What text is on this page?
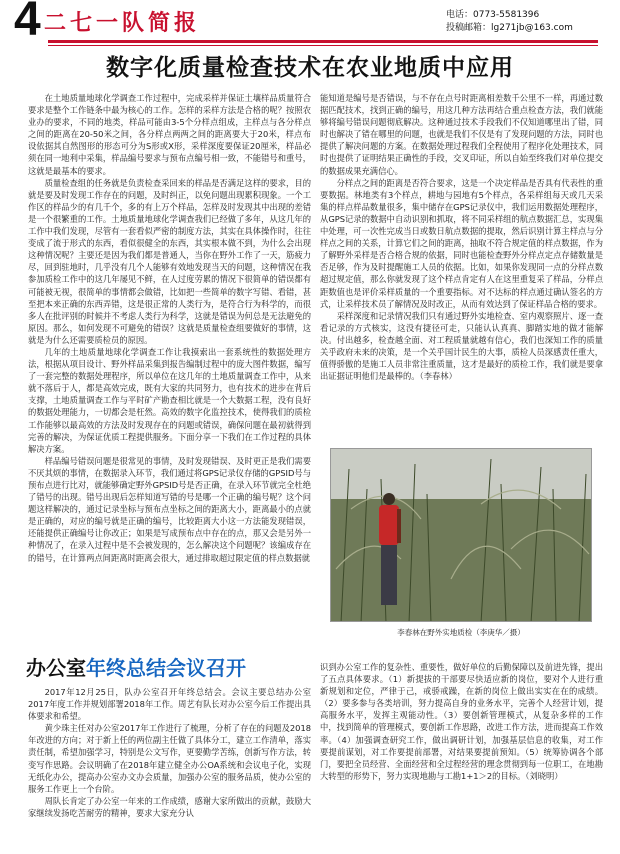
4 二七一队简报	电话：0773-5581396
投稿邮箱：lg271jb@163.com
数字化质量检查技术在农业地质中应用

在土地质量地球化学调查工作过程中，完成采样并保证土壤样品质量符合要求是整个工作链条中最为核心的工作。怎样的采样方法是合格的呢？按照农业办的要求，不同的地类，样品可能由3-5个分样点组成，主样点与各分样点之间的距离在20-50米之间，各分样点两两之间的距离要大于20米，样点布设依据其自然图形的形态可分为S形或X形，采样深度要保证20厘米，样品必须在同一地利中采集，样品编号要求与预布点编号相一致，不能错号和重号，这就是最基本的要求。

质量检查组的任务就是负责检查采回来的样品是否满足这样的要求，目的就是要及时发现工作存在的问题，及时纠正，以免问题出现累积现象。一个工作区的样品少的有几千个，多的有上万个样品，怎样及时发现其中出现的差错是一个很繁重的工作。土地质量地球化学调查我们已经做了多年，从这几年的工作中我们发现，尽管有一套看似严密的制度方法，其实在具体操作时，往往变成了流于形式的东西，看似很健全的东西，其实根本做不到，为什么会出现这种情况呢？主要还是因为我们都是普通人，当你在野外工作了一天，筋疲力尽，回到驻地时，几乎没有几个人能够有效地发现当天的问题，这种情况在我参加质检工作中的这几年屡见不鲜，在人过度劳累的情况下很简单的错误都有可能被无视，很简单的事情都会做错，比如把一些简单的数字写错、看错，甚至把本来正确的东西弄错，这是很正常的人类行为，是符合行为科学的，而很多人在批评别的时候并不考虑人类行为科学，这就是错误为何总是无法避免的原因。那么，如何发现不可避免的错误？这就是质量检查组要做好的事情，这就是为什么还需要质检员的原因。

几年的土地质量地球化学调查工作让我摸索出一套系统性的数据处理方法，根据从项目设计、野外样品采集到报告编制过程中的庞大图件数据，编写了一套完整的数据处理程序，所以单位在这几年的土地质量调查工作中，从来就不落后于人，都是高效完成，既有大家的共同努力，也有技术的进步在背后支撑，土地质量调查工作与平时矿产勘查相比就是一个大数据工程，没有良好的数据处理能力，一切都会是枉然。高效的数字化监控技术，使得我们的质检工作能够以最高效的方法及时发现存在的问题或错误，确保问题在最初就得到完善的解决，为保证优质工程提供服务。下面分享一下我们在工作过程的具体解决方案。

样品编号错误问题是很常见的事情，及时发现错误、及时更正是我们需要不厌其烦的事情，在数据录入环节，我们通过将GPS记录仪存储的GPSID号与预布点进行比对，就能够确定野外GPSID号是否正确，在录入环节就完全杜绝了错号的出现。错号出现后怎样知道写错的号是哪一个正确的编号呢？这个问题这样解决的，通过记录坐标与预布点坐标之间的距离大小，距离最小的点就是正确的，对应的编号就是正确的编号，比较距离大小这一方法能发现错误，还能提供正确编号让你改正；如果是写成预布点中存在的点，那又会是另外一种情况了，在录入过程中是不会被发现的，怎么解决这个问题呢？该编成存在的错号，在计算两点间距离时距离会很大，通过排取超过限定值的样点数据就

能知道是编号是否错误，与不存在点号时距离相差数千公里不一样，再通过数据匹配技术，找到正确的编号，用这几种方法再结合重点检查方法，我们就能够将编号错误问题彻底解决。这种通过技术手段我们不仅知道哪里出了错，同时也解决了错在哪里的问题，也就是我们不仅是有了发现问题的方法，同时也提供了解决问题的方案。在数据处理过程我们全程使用了程序化处理技术，同时也提供了证明结果正确性的手段，交叉印证，所以自始至终我们对单位提交的数据成果充满信心。

分样点之间的距离是否符合要求，这是一个决定样品是否具有代表性的重要数据。林地类有3个样点，耕地与园地有5个样点，各采样组每天或几天采集的样点样品数量很多，集中储存在GPS记录仪中，我们运用数据处理程序，从GPS记录的数据中自动识别和抓取，将不同采样组的航点数据汇总，实现集中处理，可一次性完成当日或数日航点数据的提取，然后识别计算主样点与分样点之间的关系，计算它们之间的距离，抽取不符合规定值的样点数据，作为了解野外采样是否合格合规的依据，同时也能检查野外分样点定点存储数量是否足够，作为及时提醒施工人员的依据。比如，如果你发现同一点的分样点数超过规定值，那么你就发现了这个样点肯定有人在这里重复采了样品，分样点距数值也是评价采样质量的一个重要指标。对不达标的样点通过确认签名的方式，让采样技术员了解情况及时改正，从而有效达到了保证样品合格的要求。

采样深度和记录情况我们只有通过野外实地检查、室内观察照片、逐一查看记录的方式核实，这没有捷径可走，只能认认真真、脚踏实地的做才能解决。付出越多，检查越全面、对工程质量就越有信心，我们也深知工作的质量关乎政府未来的决策，是一个关乎国计民生的大事，质检人员深感责任重大，值得骄傲的是施工人员非常注重质量，这才是最好的质检工作，我们就是要拿出证据证明他们是最棒的。（李春林）

李春林在野外实地质检（李庚华／摄）
办公室年终总结会议召开

2017年12月25日，队办公室召开年终总结会。会议主要总结办公室2017年度工作并规划部署2018年工作。周艺有队长对办公室今后工作提出具体要求和希望。

黄少珠主任对办公室2017年工作进行了梳理，分析了存在的问题及2018年改进的方向；对于新上任的两位副主任做了具体分工，建立工作清单，落实责任制，希望加强学习，特别是公文写作，更要勤学苦练，创新写作方法，转变写作思路。会议明确了在2018年建立健全办公OA系统和会议电子化，实现无纸化办公，提高办公室办文办会质量，加强办公室的服务品质，使办公室的服务工作更上一个台阶。

周队长肯定了办公室一年来的工作成绩，感谢大家所做出的贡献，鼓励大家继续发扬吃苦耐劳的精神，要求大家充分认

识到办公室工作的复杂性、重要性，做好单位的后勤保障以及前进先锋，提出了五点具体要求。（1）新提拔的干部要尽快适应新的岗位，要对个人进行重新规划和定位，严律于己，戒骄戒躁，在新的岗位上做出实实在在的成绩。（2）要多参与各类培训，努力提高自身的业务水平，完善个人经营计划，提高服务水平，发挥主观能动性。（3）要创新管理模式，从复杂多样的工作中，找到简单的管理模式，要创新工作思路，改进工作方法，进而提高工作效率。（4）加强调查研究工作，做出调研计划，加强基层信息的收集，对工作要提前谋划，对工作要提前部署，对结果要提前预知。（5）统筹协调各个部门，要把全员经营、全面经营和全过程经营的理念贯彻到每一位职工，在地勘大转型的形势下，努力实现地勘与工勘1+1＞2的目标。（刘晓明）
